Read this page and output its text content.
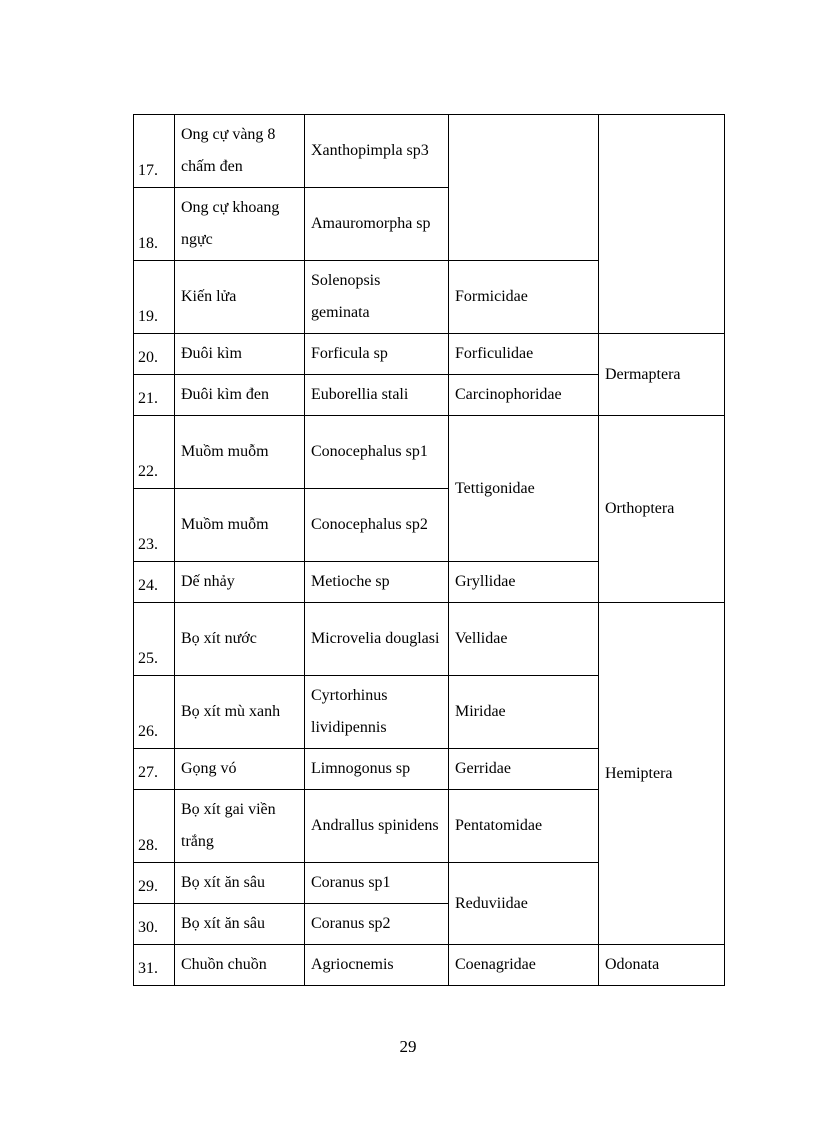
17.	Ong cự vàng 8 chấm đen	Xanthopimpla sp3		
18.	Ong cự khoang ngực	Amauromorpha sp		
19.	Kiến lửa	Solenopsis geminata	Formicidae	
20.	Đuôi kìm	Forficula sp	Forficulidae	Dermaptera
21.	Đuôi kìm đen	Euborellia stali	Carcinophoridae	
22.	Muồm muỗm	Conocephalus sp1	Tettigonidae	Orthoptera
23.	Muồm muỗm	Conocephalus sp2		
24.	Dế nhảy	Metioche sp	Gryllidae	
25.	Bọ xít nước	Microvelia douglasi	Vellidae	Hemiptera
26.	Bọ xít mù xanh	Cyrtorhinus lividipennis	Miridae	
27.	Gọng vó	Limnogonus sp	Gerridae	
28.	Bọ xít gai viền trắng	Andrallus spinidens	Pentatomidae	
29.	Bọ xít ăn sâu	Coranus sp1	Reduviidae	
30.	Bọ xít ăn sâu	Coranus sp2		
31.	Chuồn chuồn	Agriocnemis	Coenagridae	Odonata
29
